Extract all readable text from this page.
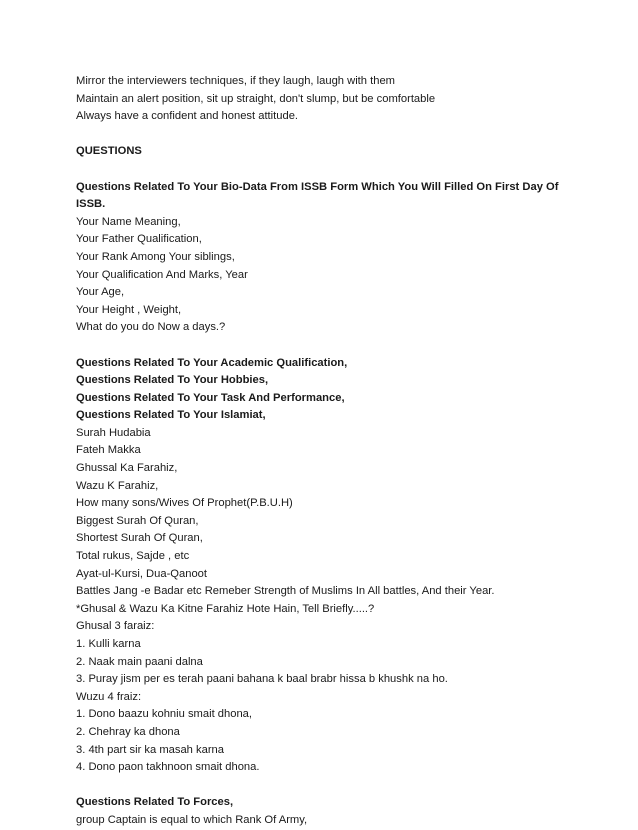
Mirror the interviewers techniques, if they laugh, laugh with them
Maintain an alert position, sit up straight, don't slump, but be comfortable
Always have a confident and honest attitude.
QUESTIONS
Questions Related To Your Bio-Data From ISSB Form Which You Will Filled On First Day Of ISSB.
Your Name Meaning,
Your Father Qualification,
Your Rank Among Your siblings,
Your Qualification And Marks, Year
Your Age,
Your Height , Weight,
What do you do Now a days.?
Questions Related To Your Academic Qualification,
Questions Related To Your Hobbies,
Questions Related To Your Task And Performance,
Questions Related To Your Islamiat,
Surah Hudabia
Fateh Makka
Ghussal Ka Farahiz,
Wazu K Farahiz,
How many sons/Wives Of Prophet(P.B.U.H)
Biggest Surah Of Quran,
Shortest Surah Of Quran,
Total rukus, Sajde , etc
Ayat-ul-Kursi, Dua-Qanoot
Battles Jang -e Badar etc Remeber Strength of Muslims In All battles, And their Year.
*Ghusal & Wazu Ka Kitne Farahiz Hote Hain, Tell Briefly.....?
Ghusal 3 faraiz:
1. Kulli karna
2. Naak main paani dalna
3. Puray jism per es terah paani bahana k baal brabr hissa b khushk na ho.
Wuzu 4 fraiz:
1. Dono baazu kohniu smait dhona,
2. Chehray ka dhona
3. 4th part sir ka masah karna
4. Dono paon takhnoon smait dhona.
Questions Related To Forces,
group Captain is equal to which Rank Of Army,
